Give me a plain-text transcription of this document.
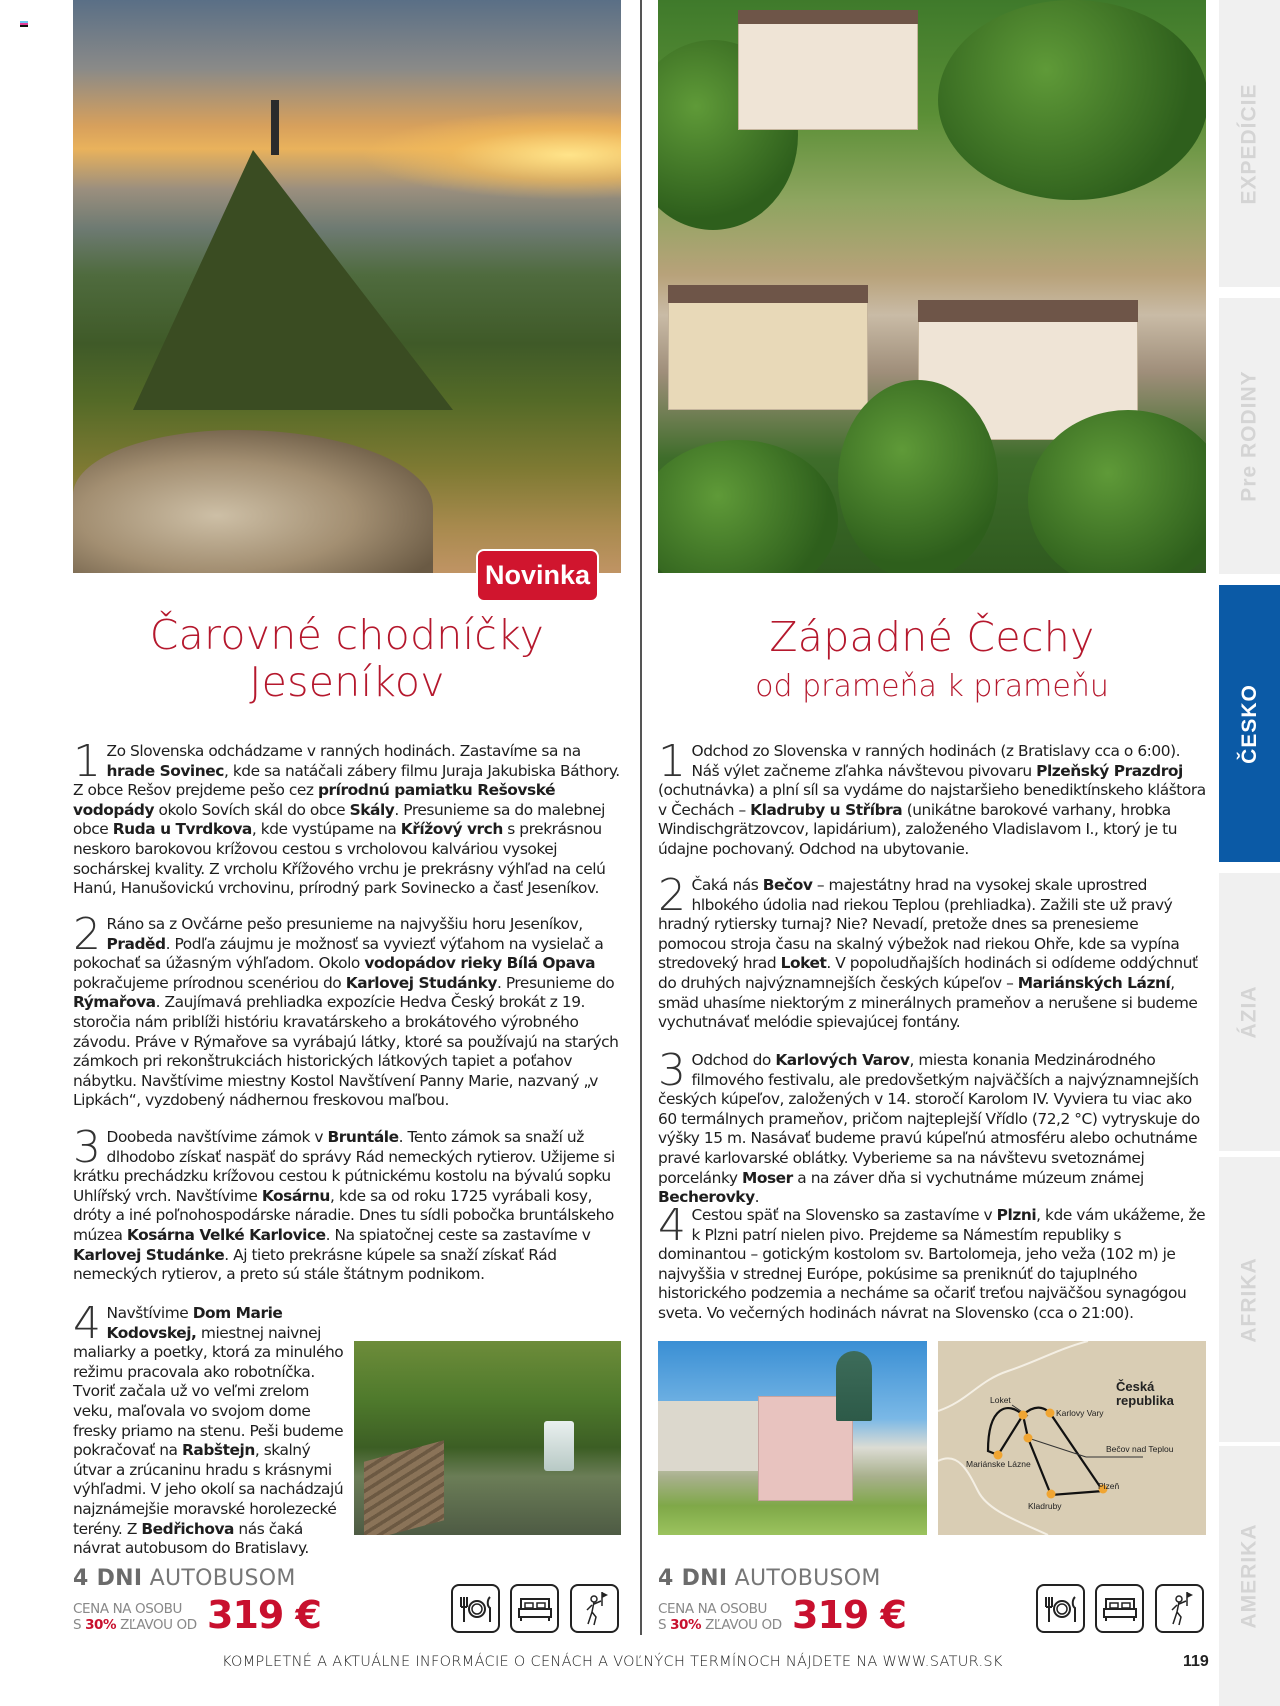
EXPEDÍCIE
Pre RODINY
ČESKO
ÁZIA
AFRIKA
AMERIKA
Novinka
Čarovné chodníčky
Jeseníkov
1 Zo Slovenska odchádzame v ranných hodinách. Zastavíme sa na hrade Sovinec, kde sa natáčali zábery filmu Juraja Jakubiska Báthory. Z obce Rešov prejdeme pešo cez prírodnú pamiatku Rešovské vodopády okolo Sovích skál do obce Skály. Presunieme sa do malebnej obce Ruda u Tvrdkova, kde vystúpame na Křížový vrch s prekrásnou neskoro barokovou krížovou cestou s vrcholovou kalváriou vysokej sochárskej kvality. Z vrcholu Křížového vrchu je prekrásny výhľad na celú Hanú, Hanušovickú vrchovinu, prírodný park Sovinecko a časť Jeseníkov.
2 Ráno sa z Ovčárne pešo presunieme na najvyššiu horu Jeseníkov, Praděd. Podľa záujmu je možnosť sa vyviezť výťahom na vysielač a pokochať sa úžasným výhľadom. Okolo vodopádov rieky Bílá Opava pokračujeme prírodnou scenériou do Karlovej Studánky. Presunieme do Rýmařova. Zaujímavá prehliadka expozície Hedva Český brokát z 19. storočia nám priblíži históriu kravatárskeho a brokátového výrobného závodu. Práve v Rýmařove sa vyrábajú látky, ktoré sa používajú na starých zámkoch pri rekonštrukciách historických látkových tapiet a poťahov nábytku. Navštívime miestny Kostol Navštívení Panny Marie, nazvaný „v Lipkách“, vyzdobený nádhernou freskovou maľbou.
3 Doobeda navštívime zámok v Bruntále. Tento zámok sa snaží už dlhodobo získať naspäť do správy Rád nemeckých rytierov. Užijeme si krátku prechádzku krížovou cestou k pútnickému kostolu na bývalú sopku Uhlířský vrch. Navštívime Kosárnu, kde sa od roku 1725 vyrábali kosy, dróty a iné poľnohospodárske náradie. Dnes tu sídli pobočka bruntálskeho múzea Kosárna Velké Karlovice. Na spiatočnej ceste sa zastavíme v Karlovej Studánke. Aj tieto prekrásne kúpele sa snaží získať Rád nemeckých rytierov, a preto sú stále štátnym podnikom.
4 Navštívime Dom Marie Kodovskej, miestnej naivnej maliarky a poetky, ktorá za minulého režimu pracovala ako robotníčka. Tvoriť začala už vo veľmi zrelom veku, maľovala vo svojom dome fresky priamo na stenu. Peši budeme pokračovať na Rabštejn, skalný útvar a zrúcaninu hradu s krásnymi výhľadmi. V jeho okolí sa nachádzajú najznámejšie moravské horolezecké terény. Z Bedřichova nás čaká návrat autobusom do Bratislavy.
4 DNI AUTOBUSOM
CENA NA OSOBU
S 30% ZĽAVOU OD 319 €
Západné Čechy
od prameňa k prameňu
1 Odchod zo Slovenska v ranných hodinách (z Bratislavy cca o 6:00). Náš výlet začneme zľahka návštevou pivovaru Plzeňský Prazdroj (ochutnávka) a plní síl sa vydáme do najstaršieho benediktínskeho kláštora v Čechách – Kladruby u Stříbra (unikátne barokové varhany, hrobka Windischgrätzovcov, lapidárium), založeného Vladislavom I., ktorý je tu údajne pochovaný. Odchod na ubytovanie.
2 Čaká nás Bečov – majestátny hrad na vysokej skale uprostred hlbokého údolia nad riekou Teplou (prehliadka). Zažili ste už pravý hradný rytiersky turnaj? Nie? Nevadí, pretože dnes sa prenesieme pomocou stroja času na skalný výbežok nad riekou Ohře, kde sa vypína stredoveký hrad Loket. V popoludňajších hodinách si odídeme oddýchnuť do druhých najvýznamnejších českých kúpeľov – Mariánských Lázní, smäd uhasíme niektorým z minerálnych prameňov a nerušene si budeme vychutnávať melódie spievajúcej fontány.
3 Odchod do Karlových Varov, miesta konania Medzinárodného filmového festivalu, ale predovšetkým najväčších a najvýznamnejších českých kúpeľov, založených v 14. storočí Karolom IV. Vyviera tu viac ako 60 termálnych prameňov, pričom najteplejší Vřídlo (72,2 °C) vytryskuje do výšky 15 m. Nasávať budeme pravú kúpeľnú atmosféru alebo ochutnáme pravé karlovarské oblátky. Vyberieme sa na návštevu svetoznámej porcelánky Moser a na záver dňa si vychutnáme múzeum známej Becherovky.
4 Cestou späť na Slovensko sa zastavíme v Plzni, kde vám ukážeme, že k Plzni patrí nielen pivo. Prejdeme sa Námestím republiky s dominantou – gotickým kostolom sv. Bartolomeja, jeho veža (102 m) je najvyššia v strednej Európe, pokúsime sa preniknúť do tajuplného historického podzemia a necháme sa očariť treťou najväčšou synagógou sveta. Vo večerných hodinách návrat na Slovensko (cca o 21:00).
Česká
republika
Loket
Karlovy Vary
Bečov nad Teplou
Mariánske Lázne
Plzeň
Kladruby
4 DNI AUTOBUSOM
CENA NA OSOBU
S 30% ZĽAVOU OD 319 €
KOMPLETNÉ A AKTUÁLNE INFORMÁCIE O CENÁCH A VOĽNÝCH TERMÍNOCH NÁJDETE NA WWW.SATUR.SK	119
